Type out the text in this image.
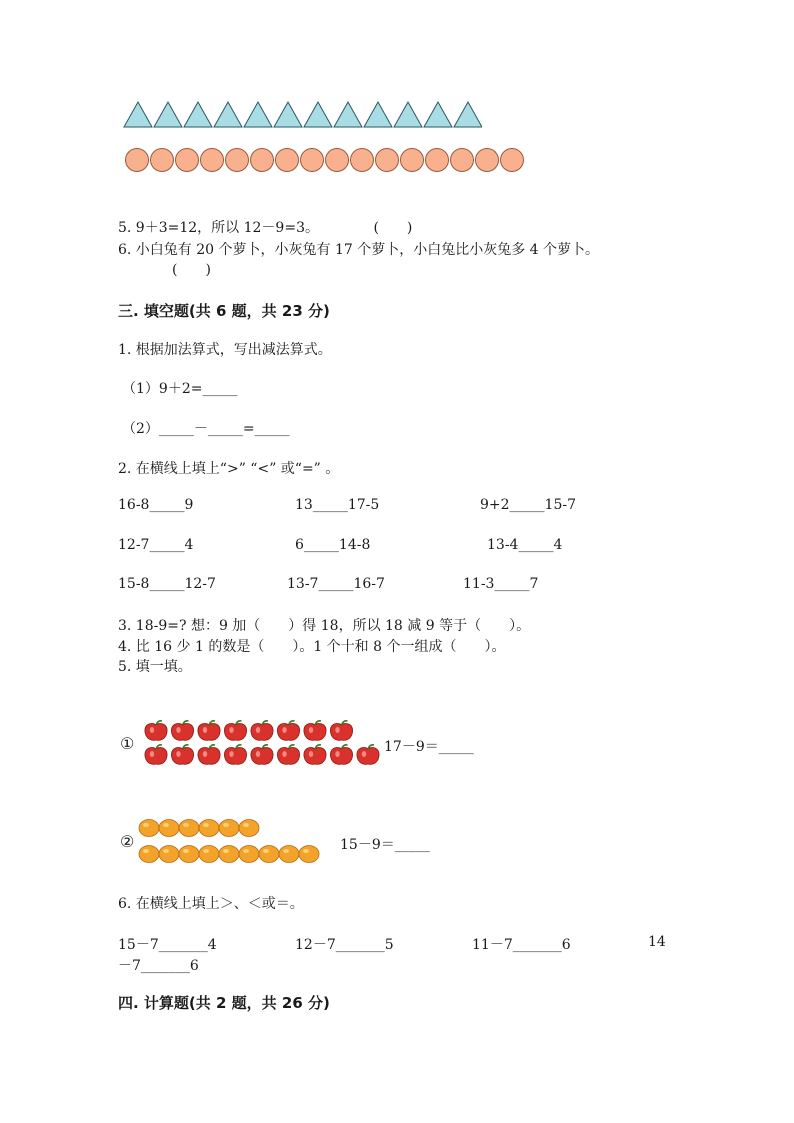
5. 9＋3=12，所以 12－9=3。	(　　)
6. 小白兔有 20 个萝卜，小灰兔有 17 个萝卜，小白兔比小灰兔多 4 个萝卜。
(　　)
三. 填空题(共 6 题，共 23 分)
1. 根据加法算式，写出减法算式。
（1）9＋2=_____
（2）_____－_____=_____
2. 在横线上填上“>” “<” 或“=” 。
16-8_____9	13_____17-5	9+2_____15-7
12-7_____4	6_____14-8	13-4_____4
15-8_____12-7	13-7_____16-7	11-3_____7
3. 18-9=? 想：9 加（　　）得 18，所以 18 减 9 等于（　　）。
4. 比 16 少 1 的数是（　　）。1 个十和 8 个一组成（　　）。
5. 填一填。
①	17－9＝_____
②	15－9＝_____
6. 在横线上填上＞、＜或＝。
15－7_______4	12－7_______5	11－7_______6	14
－7_______6
四. 计算题(共 2 题，共 26 分)
